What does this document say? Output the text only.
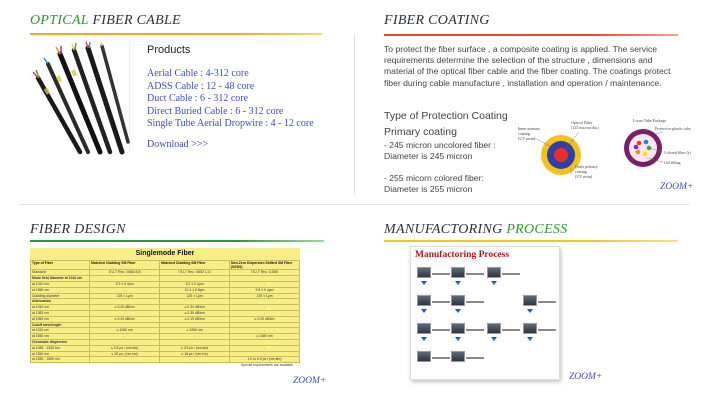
OPTICAL FIBER CABLE
Products
Aerial Cable : 4-312 core
ADSS Cable : 12 - 48 core
Duct Cable : 6 - 312 core
Direct Buried Cable : 6 - 312 core
Single Tube Aerial Dropwire : 4 - 12 core
Download >>>
FIBER COATING
To protect the fiber surface , a composite coating is applied. The service requirements determine the selection of the structure , dimensions and material of the optical fiber cable and the fiber coating. The coatings protect fiber during cable manufacture , installation and operation / maintenance.
Type of Protection Coating
Primary coating
- 245 micron uncolored fiber : Diameter is 245 micron
- 255 micorn colored fiber: Diameter is 255 micron
Inner primary
coating
(UV resin)
Optical Fiber
(125 micron dia.)
Outer primary
coating
(UV resin)
Loose Tube Package
Protective plastic tube
Colored fiber (s)
Gel filling
ZOOM+
FIBER DESIGN
Singlemode Fiber
Type of Fiber	Matched Cladding SM Fiber	Matched Cladding SM Fiber	Non-Zero Dispersion Shifted SM Fiber (NZDS)
Standard	ITU-T Rec. G652 A,B	ITU-T Rec. G652 C,D	ITU-T Rec. G.655
Mode field diameter at 1310 nm			
at 1310 nm	9.2 ± 0.4μm	9.2 ± 0.4μm	-
at 1550 nm	-	10.4 ± 0.8μm	9.6 ± 0.4μm
Cladding diameter	125 ± 1μm	125 ± 1μm	125 ± 1μm
Attenuation			
at 1310 nm	≤ 0.40 dB/km	≤ 0.34 dB/km	-
at 1383 nm	-	≤ 0.30 dB/km	-
at 1550 nm	≤ 0.24 dB/km	≤ 0.19 dB/km	≤ 0.25 dB/km
Cutoff wavelength			
at 1310 nm	≤ 1260 nm	≤ 1260 nm	-
at 1550 nm	-	-	≤ 1480 nm
Chromatic dispersion			
at 1285 - 1330 nm	≤ 3.5 ps / (nm.km)	≤ 3.5 ps / (nm.km)	-
at 1550 nm	≤ 18 ps / (nm.km)	≤ 18 ps / (nm.km)	-
at 1530 - 1565 nm	-	-	1.0 to 6.0 ps / (nm.km)
Special requirements are available.
ZOOM+
MANUFACTORING PROCESS
Manufactoring Process
ZOOM+
